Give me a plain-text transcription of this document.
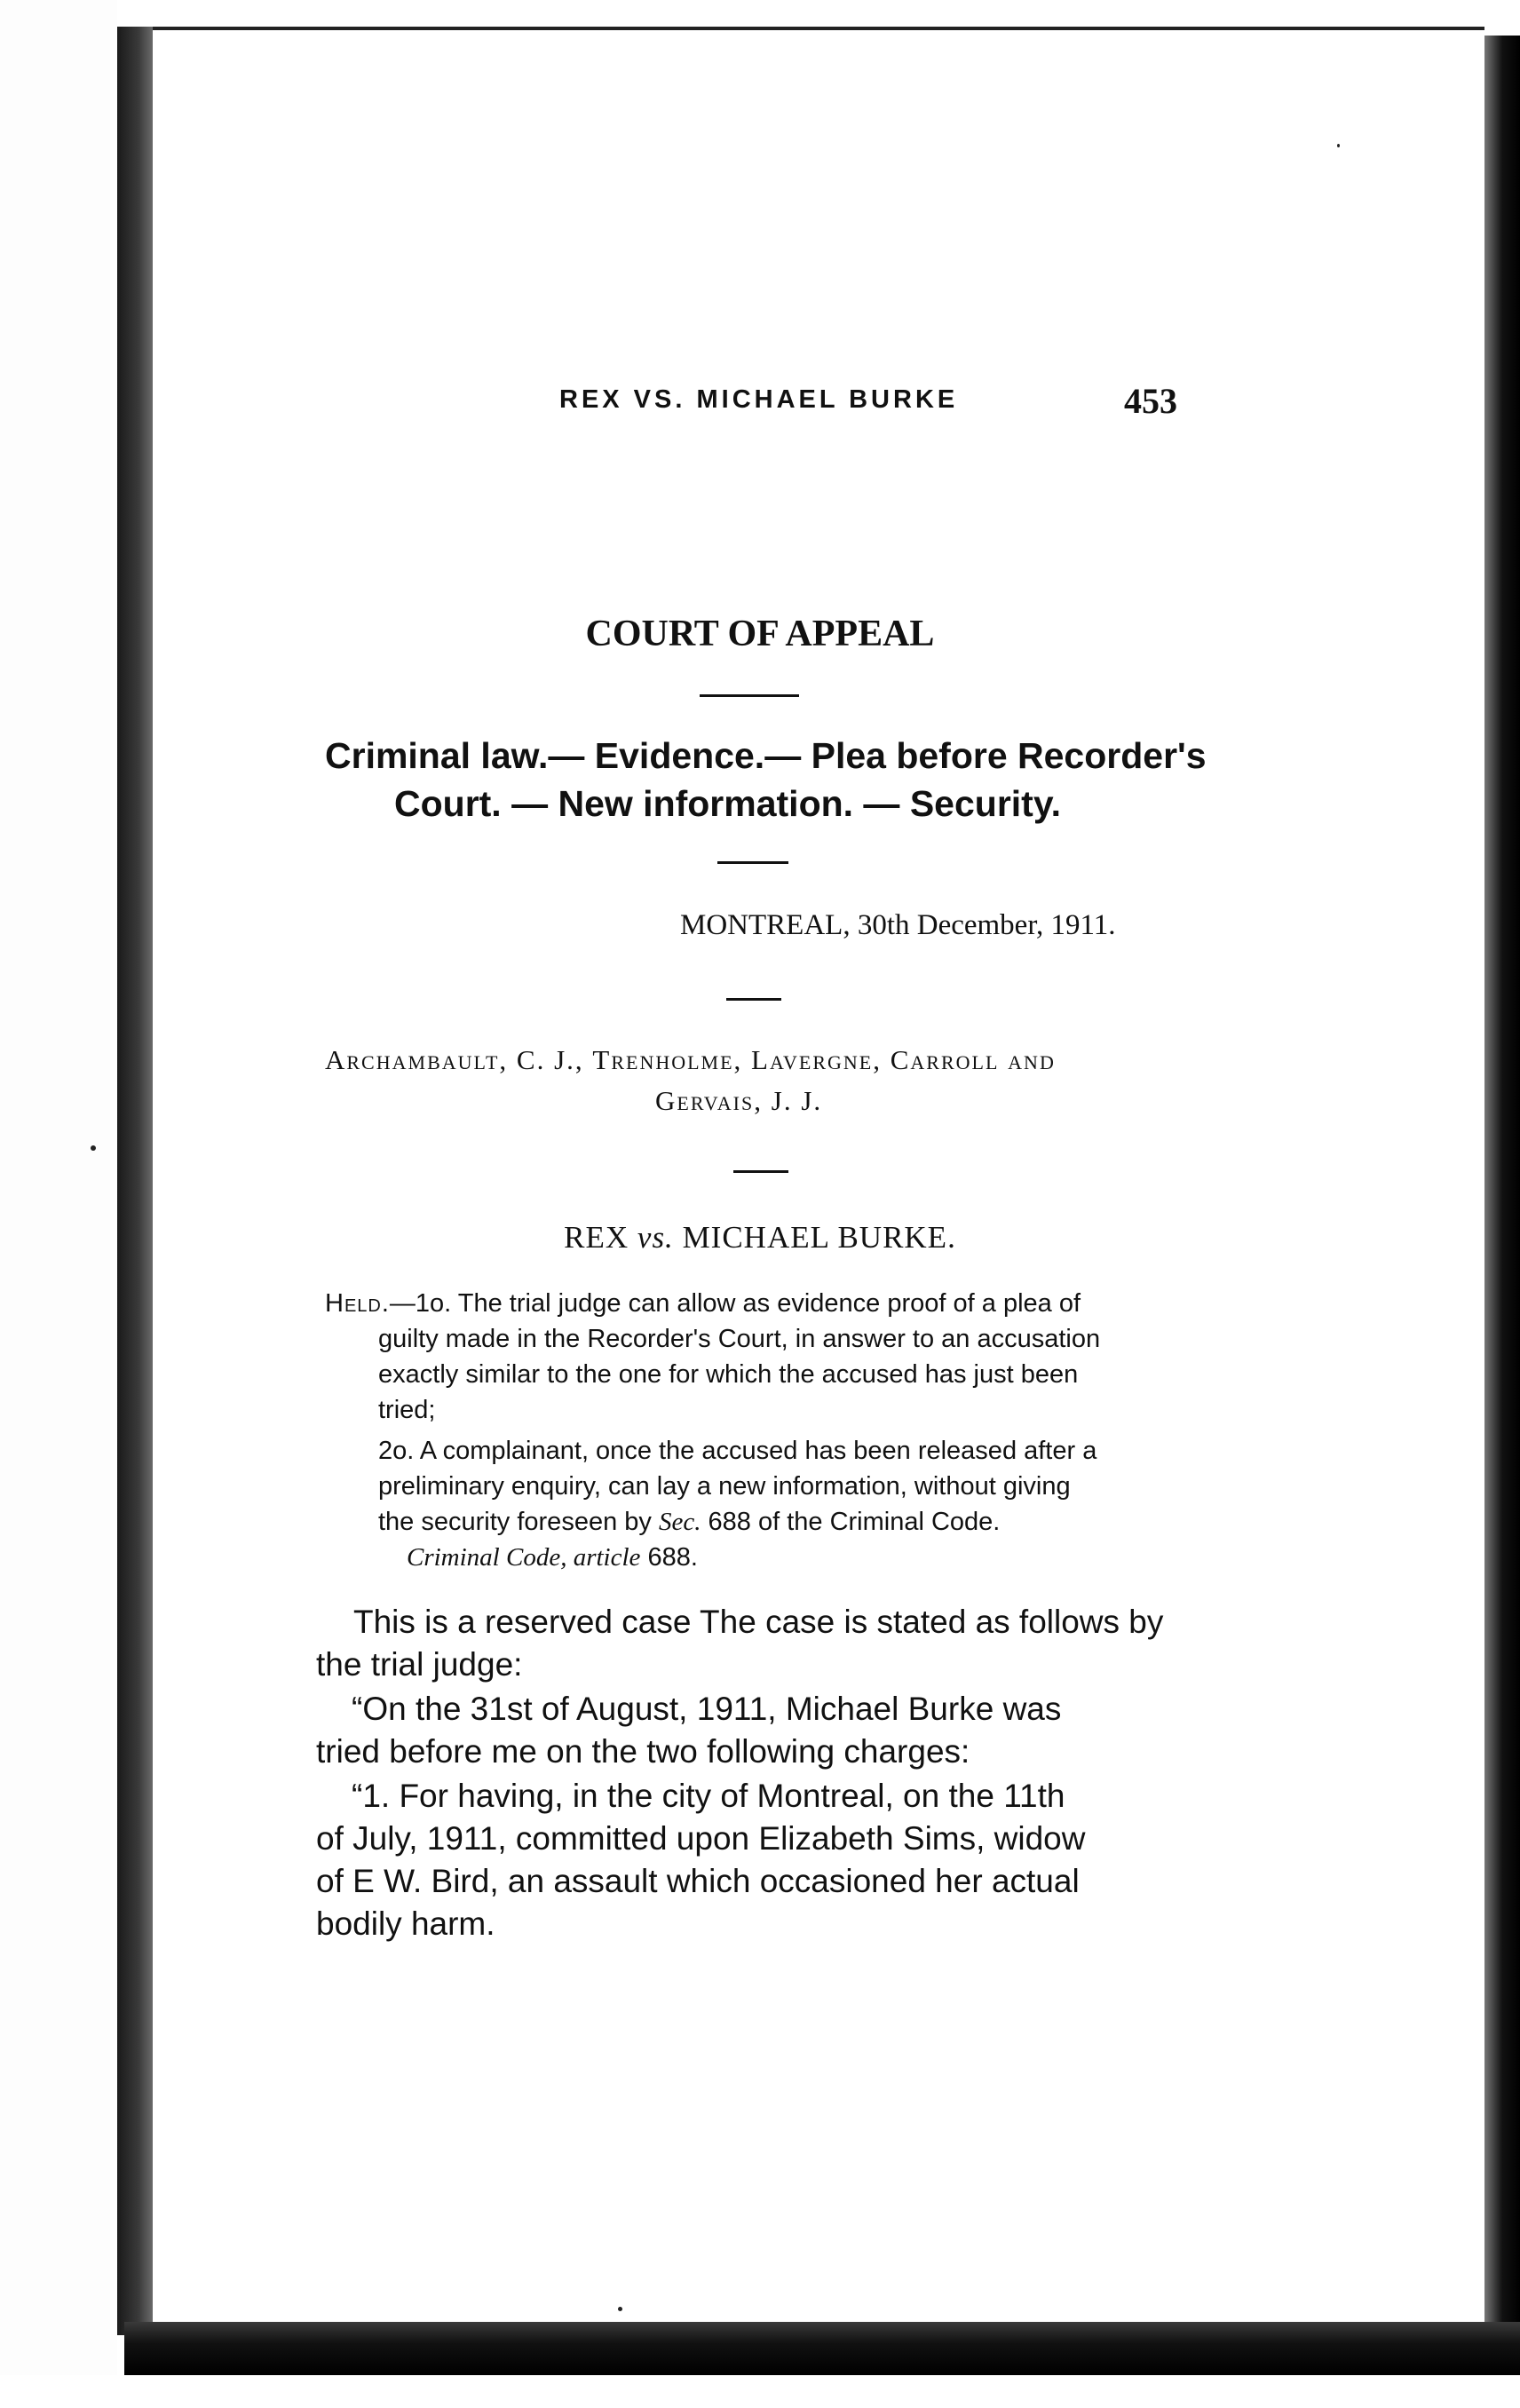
REX VS. MICHAEL BURKE	453
COURT OF APPEAL
Criminal law.— Evidence.— Plea before Recorder's
Court. — New information. — Security.
MONTREAL, 30th December, 1911.
Archambault, C. J., Trenholme, Lavergne, Carroll and
Gervais, J. J.
REX vs. MICHAEL BURKE.
Held.—1o. The trial judge can allow as evidence proof of a plea of
guilty made in the Recorder's Court, in answer to an accusation
exactly similar to the one for which the accused has just been
tried;
2o. A complainant, once the accused has been released after a
preliminary enquiry, can lay a new information, without giving
the security foreseen by Sec. 688 of the Criminal Code.
Criminal Code, article 688.
This is a reserved case The case is stated as follows by
the trial judge:
“On the 31st of August, 1911, Michael Burke was
tried before me on the two following charges:
“1. For having, in the city of Montreal, on the 11th
of July, 1911, committed upon Elizabeth Sims, widow
of E W. Bird, an assault which occasioned her actual
bodily harm.
